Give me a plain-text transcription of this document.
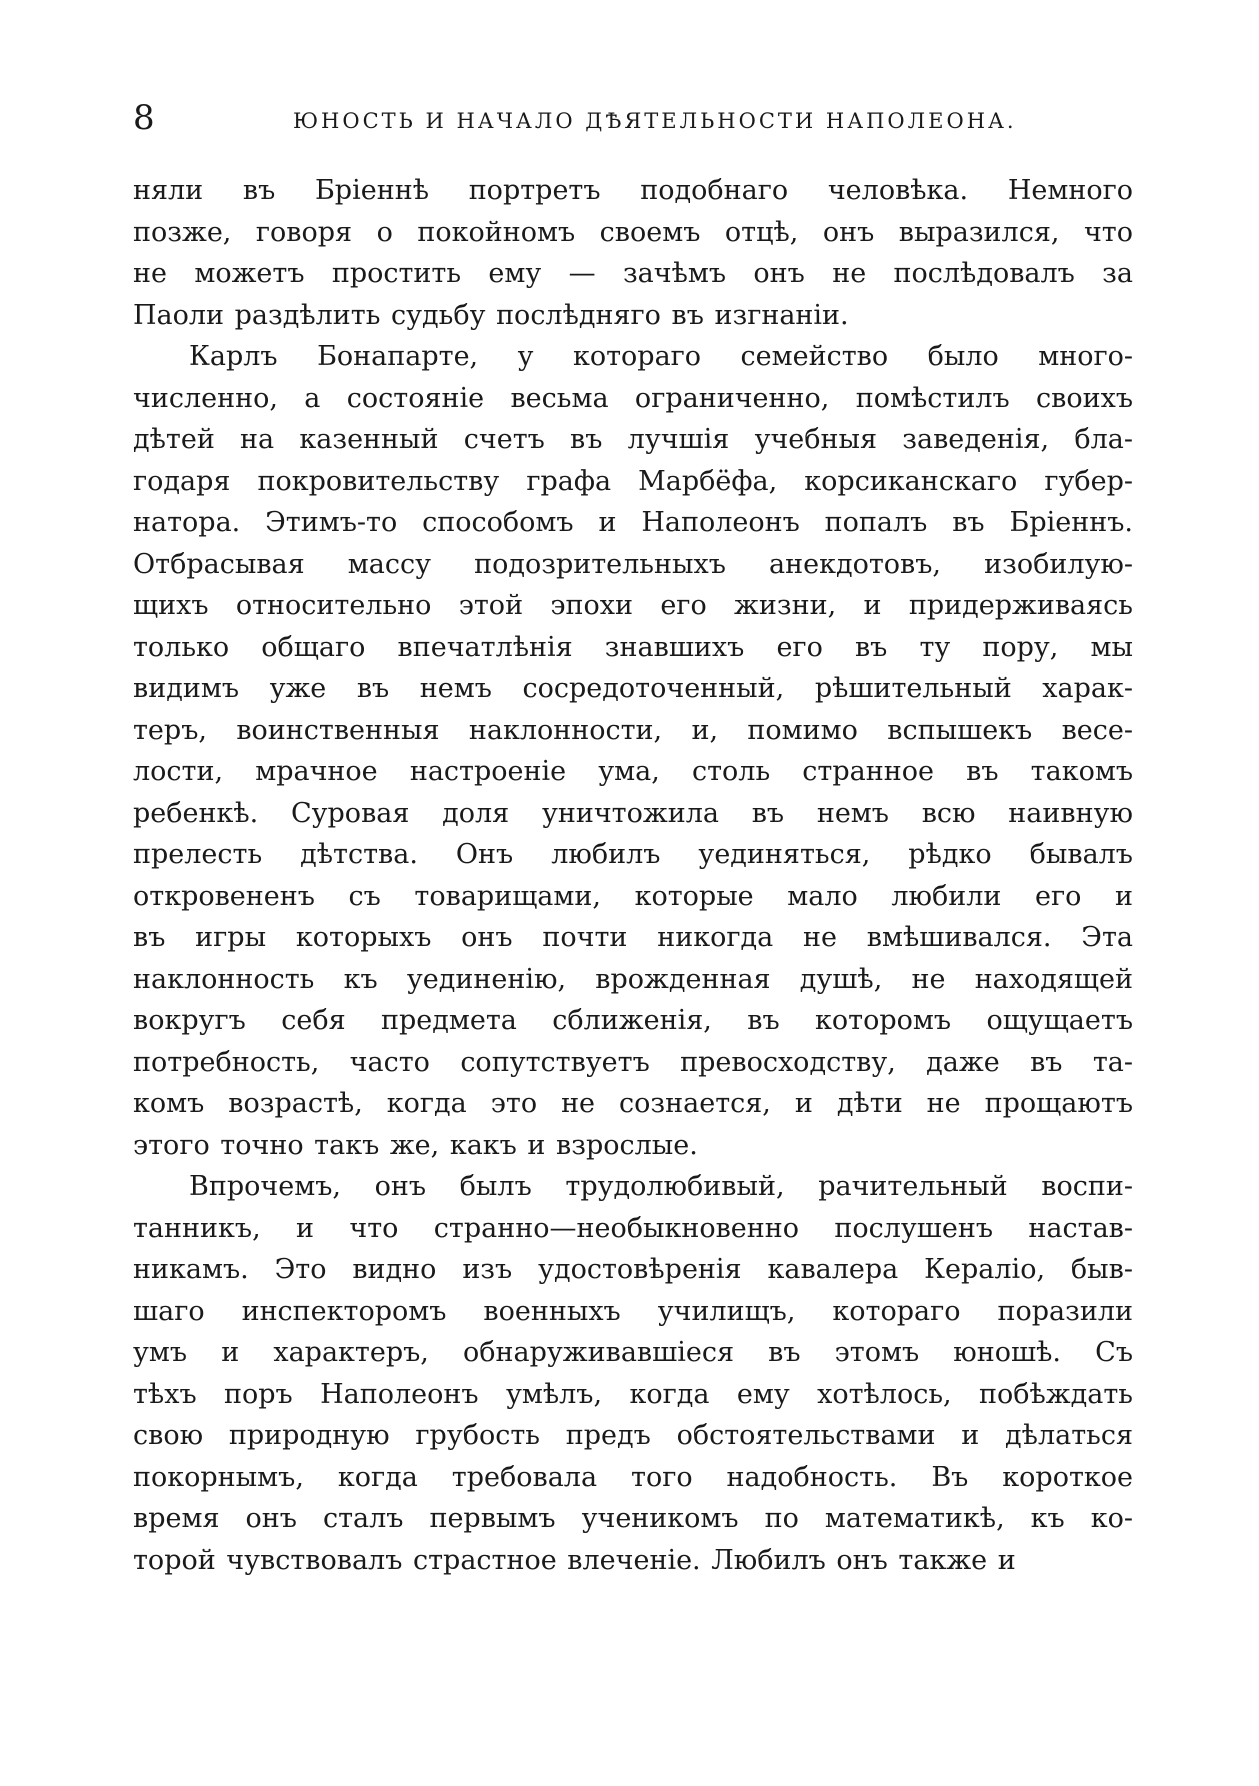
8	ЮНОСТЬ И НАЧАЛО ДѢЯТЕЛЬНОСТИ НАПОЛЕОНА.

няли въ Бріеннѣ портретъ подобнаго человѣка. Немного
позже, говоря о покойномъ своемъ отцѣ, онъ выразился, что
не можетъ простить ему — зачѣмъ онъ не послѣдовалъ за
Паоли раздѣлить судьбу послѣдняго въ изгнаніи.

Карлъ Бонапарте, у котораго семейство было много-
численно, а состояніе весьма ограниченно, помѣстилъ своихъ
дѣтей на казенный счетъ въ лучшія учебныя заведенія, бла-
годаря покровительству графа Марбёфа, корсиканскаго губер-
натора. Этимъ-то способомъ и Наполеонъ попалъ въ Бріеннъ.
Отбрасывая массу подозрительныхъ анекдотовъ, изобилую-
щихъ относительно этой эпохи его жизни, и придерживаясь
только общаго впечатлѣнія знавшихъ его въ ту пору, мы
видимъ уже въ немъ сосредоточенный, рѣшительный харак-
теръ, воинственныя наклонности, и, помимо вспышекъ весе-
лости, мрачное настроеніе ума, столь странное въ такомъ
ребенкѣ. Суровая доля уничтожила въ немъ всю наивную
прелесть дѣтства. Онъ любилъ уединяться, рѣдко бывалъ
откровененъ съ товарищами, которые мало любили его и
въ игры которыхъ онъ почти никогда не вмѣшивался. Эта
наклонность къ уединенію, врожденная душѣ, не находящей
вокругъ себя предмета сближенія, въ которомъ ощущаетъ
потребность, часто сопутствуетъ превосходству, даже въ та-
комъ возрастѣ, когда это не сознается, и дѣти не прощаютъ
этого точно такъ же, какъ и взрослые.

Впрочемъ, онъ былъ трудолюбивый, рачительный воспи-
танникъ, и что странно—необыкновенно послушенъ настав-
никамъ. Это видно изъ удостовѣренія кавалера Кераліо, быв-
шаго инспекторомъ военныхъ училищъ, котораго поразили
умъ и характеръ, обнаруживавшіеся въ этомъ юношѣ. Съ
тѣхъ поръ Наполеонъ умѣлъ, когда ему хотѣлось, побѣждать
свою природную грубость предъ обстоятельствами и дѣлаться
покорнымъ, когда требовала того надобность. Въ короткое
время онъ сталъ первымъ ученикомъ по математикѣ, къ ко-
торой чувствовалъ страстное влеченіе. Любилъ онъ также и
